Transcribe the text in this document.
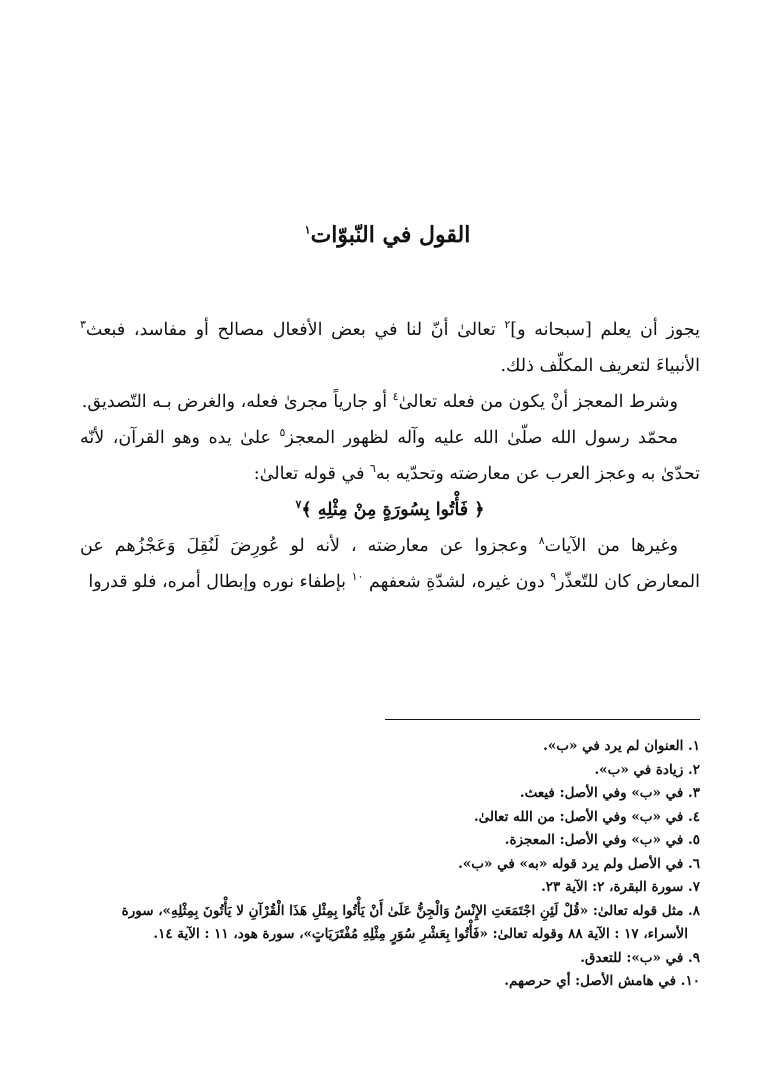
القول في النّبوّات$^١$

يجوز أن يعلم [سبحانه و]$^٢$ تعالىٰ أنّ لنا في بعض الأفعال مصالح أو مفاسد، فبعث$^٣$ الأنبياءَ لتعريف المكلّف ذلك.

وشرط المعجز أنْ يكون من فعله تعالىٰ$^٤$ أو جارياً مجرىٰ فعله، والغرض بـه التّصديق.

محمّد رسول الله صلّىٰ الله عليه وآله لظهور المعجز$^٥$ علىٰ يده وهو القرآن، لأنّه تحدّىٰ به وعجز العرب عن معارضته وتحدّيه به$^٦$ في قوله تعالىٰ:

﴿ فَأْتُوا بِسُورَةٍ مِنْ مِثْلِهِ ﴾$^٧$

وغيرها من الآيات$^٨$ وعجزوا عن معارضته ، لأنه لو عُورِضَ لَنُقِلَ وَعَجْزُهم عن المعارض كان للتّعذّر$^٩$ دون غيره، لشدّةِ شعفهم $^{١٠}$ بإطفاء نوره وإبطال أمره، فلو قدروا

١. العنوان لم يرد في «ب».
٢. زيادة في «ب».
٣. في «ب» وفي الأصل: فيعث.
٤. في «ب» وفي الأصل: من الله تعالىٰ.
٥. في «ب» وفي الأصل: المعجزة.
٦. في الأصل ولم يرد قوله «به» في «ب».
٧. سورة البقرة، ٢: الآية ٢٣.
٨. مثل قوله تعالىٰ: «قُلْ لَئِنِ اجْتَمَعَتِ الإِنْسُ وَالْجِنُّ عَلَىٰ أَنْ يَأْتُوا بِمِثْلِ هَذَا الْقُرْآنِ لا يَأْتُونَ بِمِثْلِهِ»، سورة
الأسراء، ١٧ : الآية ٨٨ وقوله تعالىٰ: «فَأْتُوا بِعَشْرِ سُوَرٍ مِثْلِهِ مُفْتَرَيَاتٍ»، سورة هود، ١١ : الآية ١٤.
٩. في «ب»: للتعدق.
١٠. في هامش الأصل: أي حرصهم.
